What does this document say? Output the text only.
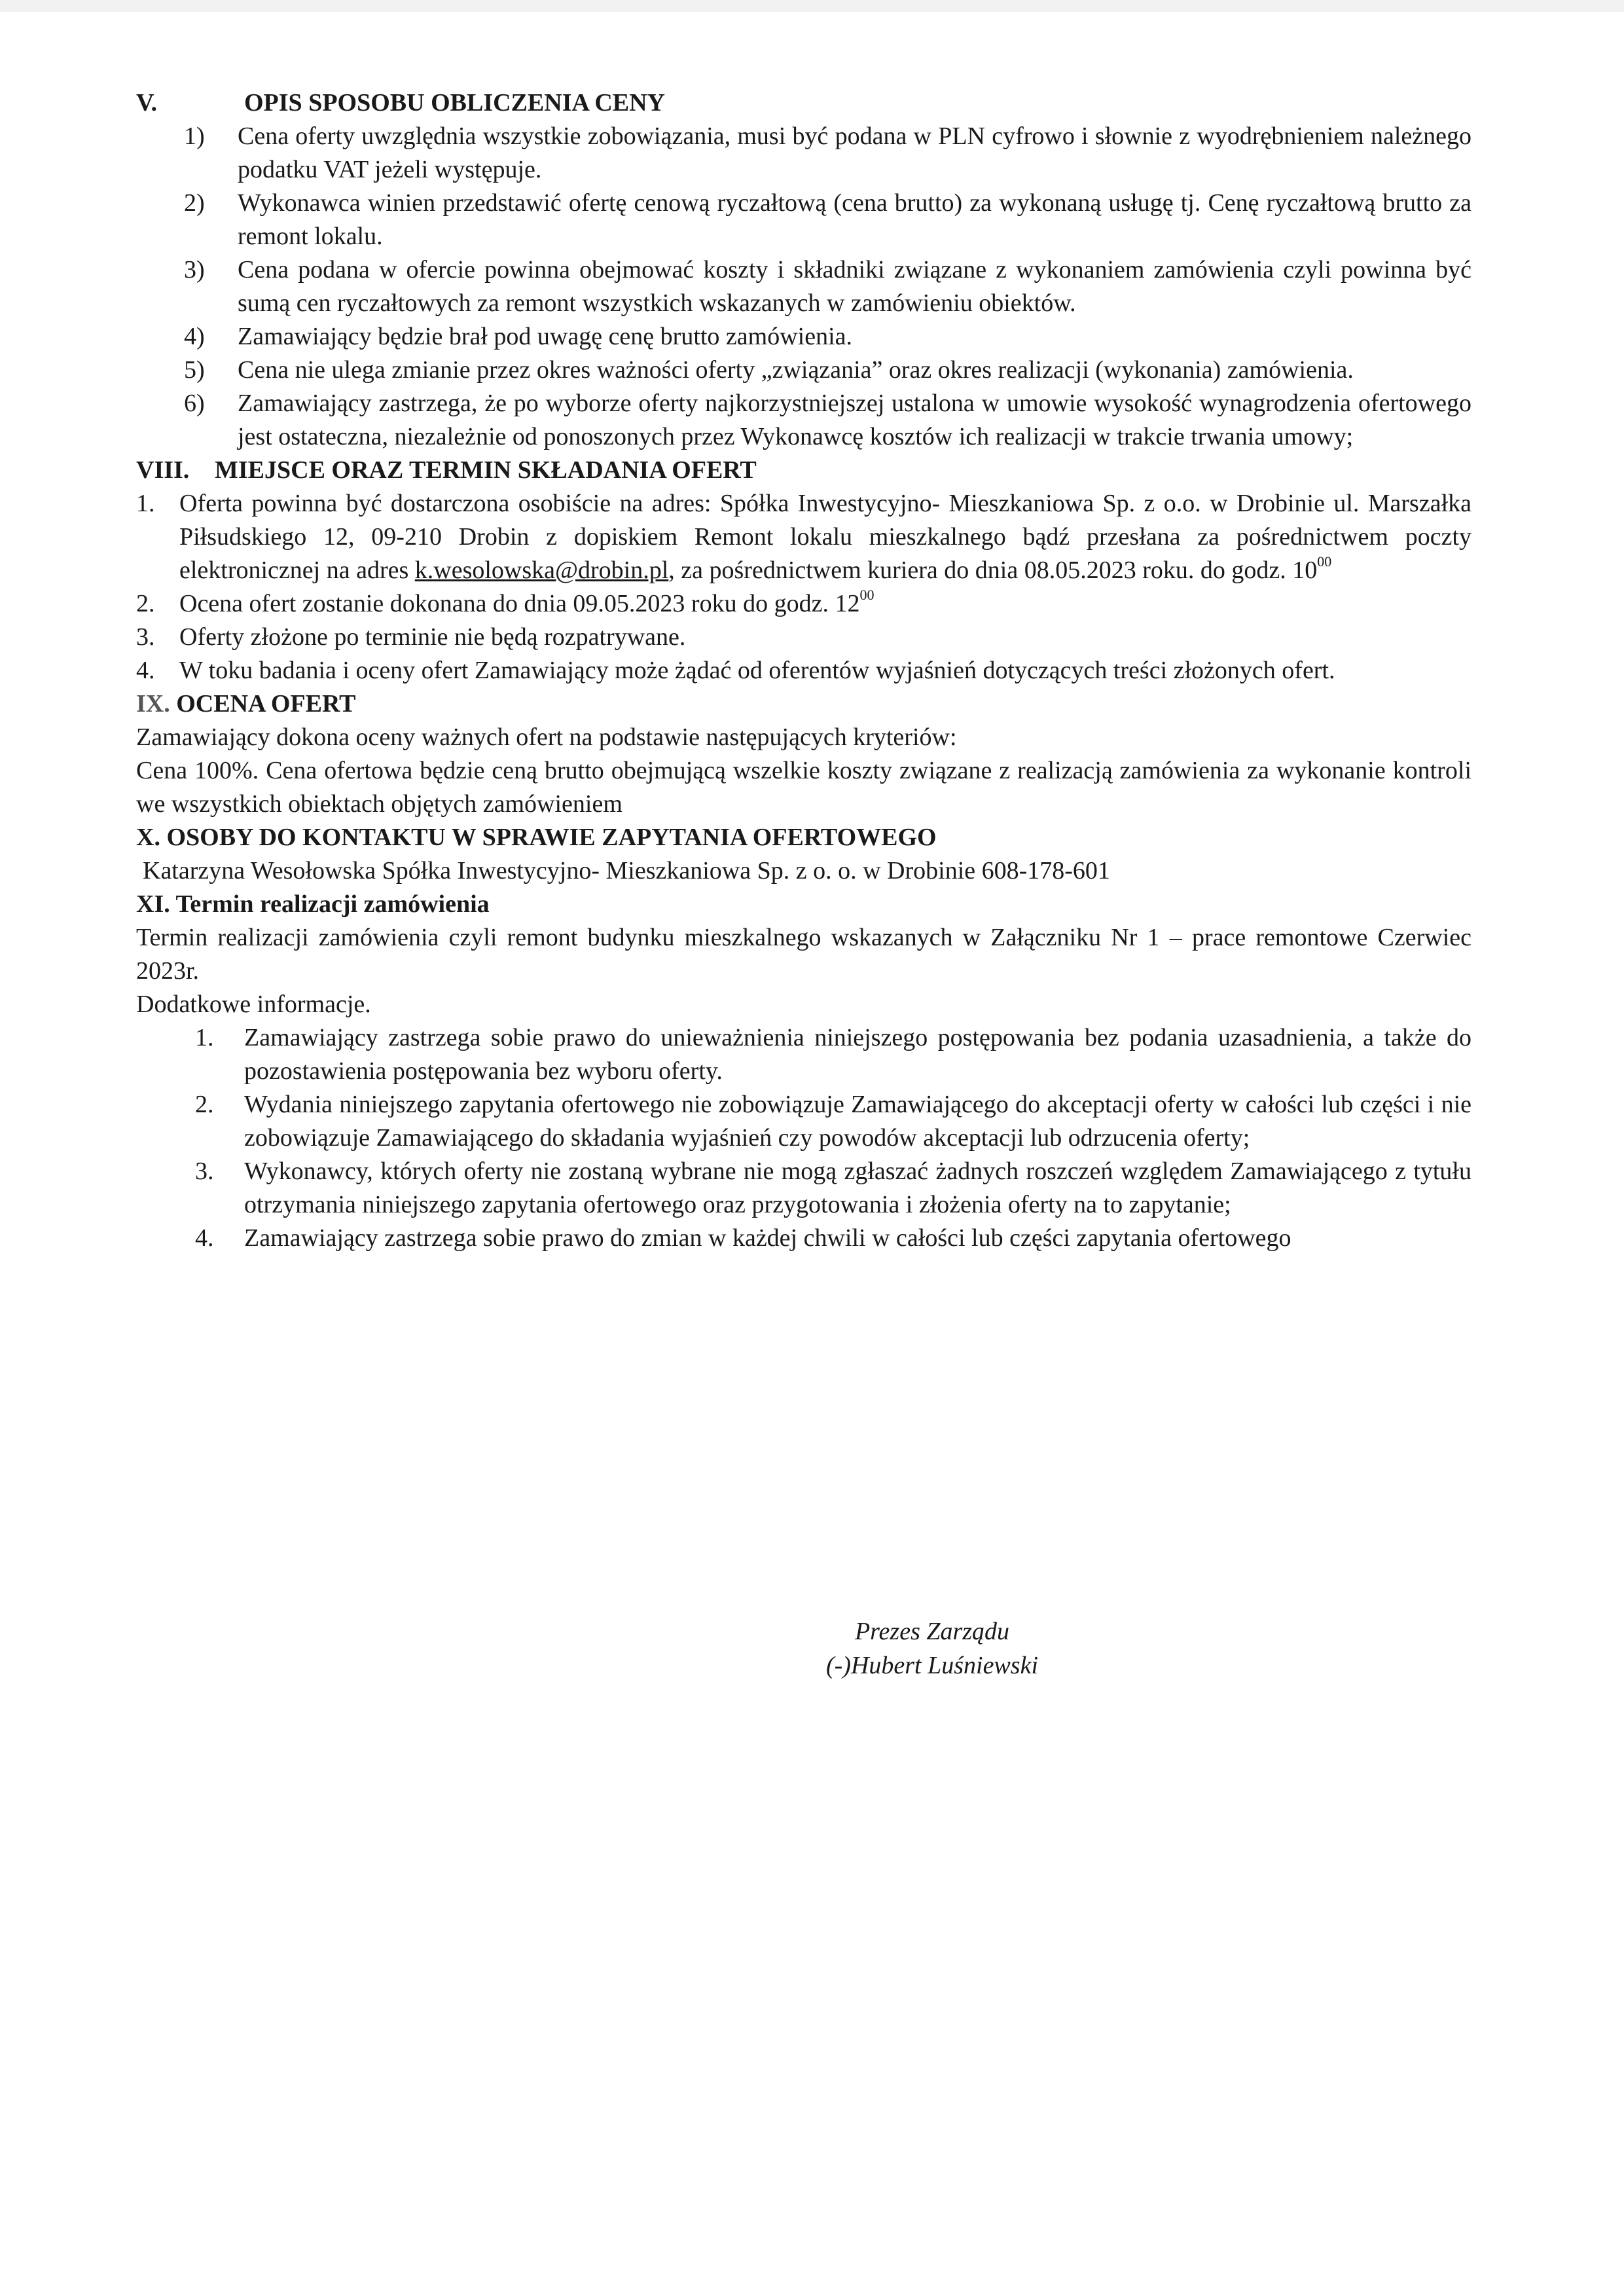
V.	OPIS SPOSOBU OBLICZENIA CENY

1)	Cena oferty uwzględnia wszystkie zobowiązania, musi być podana w PLN cyfrowo i słownie z wyodrębnieniem należnego podatku VAT jeżeli występuje.
2)	Wykonawca winien przedstawić ofertę cenową ryczałtową (cena brutto) za wykonaną usługę tj. Cenę ryczałtową brutto za remont lokalu.
3)	Cena podana w ofercie powinna obejmować koszty i składniki związane z wykonaniem zamówienia czyli powinna być sumą cen ryczałtowych za remont wszystkich wskazanych w zamówieniu obiektów.
4)	Zamawiający będzie brał pod uwagę cenę brutto zamówienia.
5)	Cena nie ulega zmianie przez okres ważności oferty „związania” oraz okres realizacji (wykonania) zamówienia.
6)	Zamawiający zastrzega, że po wyborze oferty najkorzystniejszej ustalona w umowie wysokość wynagrodzenia ofertowego jest ostateczna, niezależnie od ponoszonych przez Wykonawcę kosztów ich realizacji w trakcie trwania umowy;

VIII. MIEJSCE ORAZ TERMIN SKŁADANIA OFERT

1. Oferta powinna być dostarczona osobiście na adres: Spółka Inwestycyjno- Mieszkaniowa Sp. z o.o. w Drobinie ul. Marszałka Piłsudskiego 12, 09-210 Drobin z dopiskiem Remont lokalu mieszkalnego bądź przesłana za pośrednictwem poczty elektronicznej na adres k.wesolowska@drobin.pl, za pośrednictwem kuriera do dnia 08.05.2023 roku. do godz. $10^{00}$
2. Ocena ofert zostanie dokonana do dnia 09.05.2023 roku do godz. $12^{00}$
3. Oferty złożone po terminie nie będą rozpatrywane.
4. W toku badania i oceny ofert Zamawiający może żądać od oferentów wyjaśnień dotyczących treści złożonych ofert.

IX. OCENA OFERT

Zamawiający dokona oceny ważnych ofert na podstawie następujących kryteriów:

Cena 100%. Cena ofertowa będzie ceną brutto obejmującą wszelkie koszty związane z realizacją zamówienia za wykonanie kontroli we wszystkich obiektach objętych zamówieniem

X. OSOBY DO KONTAKTU W SPRAWIE ZAPYTANIA OFERTOWEGO

Katarzyna Wesołowska Spółka Inwestycyjno- Mieszkaniowa Sp. z o. o. w Drobinie 608-178-601

XI. Termin realizacji zamówienia

Termin realizacji zamówienia czyli remont budynku mieszkalnego wskazanych w Załączniku Nr 1 – prace remontowe Czerwiec 2023r.

Dodatkowe informacje.

1.	Zamawiający zastrzega sobie prawo do unieważnienia niniejszego postępowania bez podania uzasadnienia, a także do pozostawienia postępowania bez wyboru oferty.
2.	Wydania niniejszego zapytania ofertowego nie zobowiązuje Zamawiającego do akceptacji oferty w całości lub części i nie zobowiązuje Zamawiającego do składania wyjaśnień czy powodów akceptacji lub odrzucenia oferty;
3.	Wykonawcy, których oferty nie zostaną wybrane nie mogą zgłaszać żadnych roszczeń względem Zamawiającego z tytułu otrzymania niniejszego zapytania ofertowego oraz przygotowania i złożenia oferty na to zapytanie;
4.	Zamawiający zastrzega sobie prawo do zmian w każdej chwili w całości lub części zapytania ofertowego
Prezes Zarządu
(-)Hubert Luśniewski
